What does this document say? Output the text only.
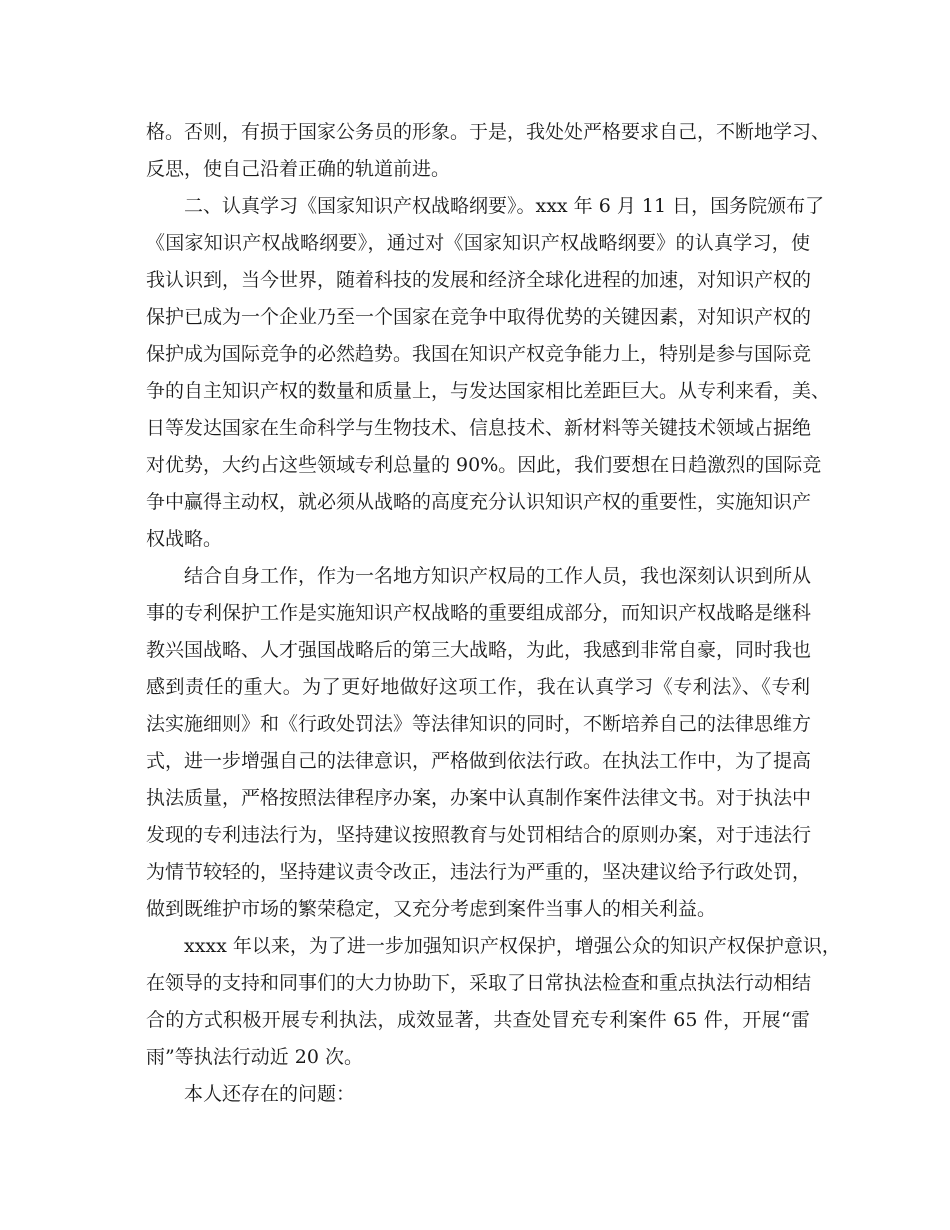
格。否则，有损于国家公务员的形象。于是，我处处严格要求自己，不断地学习、
反思，使自己沿着正确的轨道前进。
二、认真学习《国家知识产权战略纲要》。xxx 年 6 月 11 日，国务院颁布了
《国家知识产权战略纲要》，通过对《国家知识产权战略纲要》的认真学习，使
我认识到，当今世界，随着科技的发展和经济全球化进程的加速，对知识产权的
保护已成为一个企业乃至一个国家在竞争中取得优势的关键因素，对知识产权的
保护成为国际竞争的必然趋势。我国在知识产权竞争能力上，特别是参与国际竞
争的自主知识产权的数量和质量上，与发达国家相比差距巨大。从专利来看，美、
日等发达国家在生命科学与生物技术、信息技术、新材料等关键技术领域占据绝
对优势，大约占这些领域专利总量的 90%。因此，我们要想在日趋激烈的国际竞
争中赢得主动权，就必须从战略的高度充分认识知识产权的重要性，实施知识产
权战略。
结合自身工作，作为一名地方知识产权局的工作人员，我也深刻认识到所从
事的专利保护工作是实施知识产权战略的重要组成部分，而知识产权战略是继科
教兴国战略、人才强国战略后的第三大战略，为此，我感到非常自豪，同时我也
感到责任的重大。为了更好地做好这项工作，我在认真学习《专利法》、《专利
法实施细则》和《行政处罚法》等法律知识的同时，不断培养自己的法律思维方
式，进一步增强自己的法律意识，严格做到依法行政。在执法工作中，为了提高
执法质量，严格按照法律程序办案，办案中认真制作案件法律文书。对于执法中
发现的专利违法行为，坚持建议按照教育与处罚相结合的原则办案，对于违法行
为情节较轻的，坚持建议责令改正，违法行为严重的，坚决建议给予行政处罚，
做到既维护市场的繁荣稳定，又充分考虑到案件当事人的相关利益。
xxxx 年以来，为了进一步加强知识产权保护，增强公众的知识产权保护意识，
在领导的支持和同事们的大力协助下，采取了日常执法检查和重点执法行动相结
合的方式积极开展专利执法，成效显著，共查处冒充专利案件 65 件，开展“雷
雨”等执法行动近 20 次。
本人还存在的问题：
